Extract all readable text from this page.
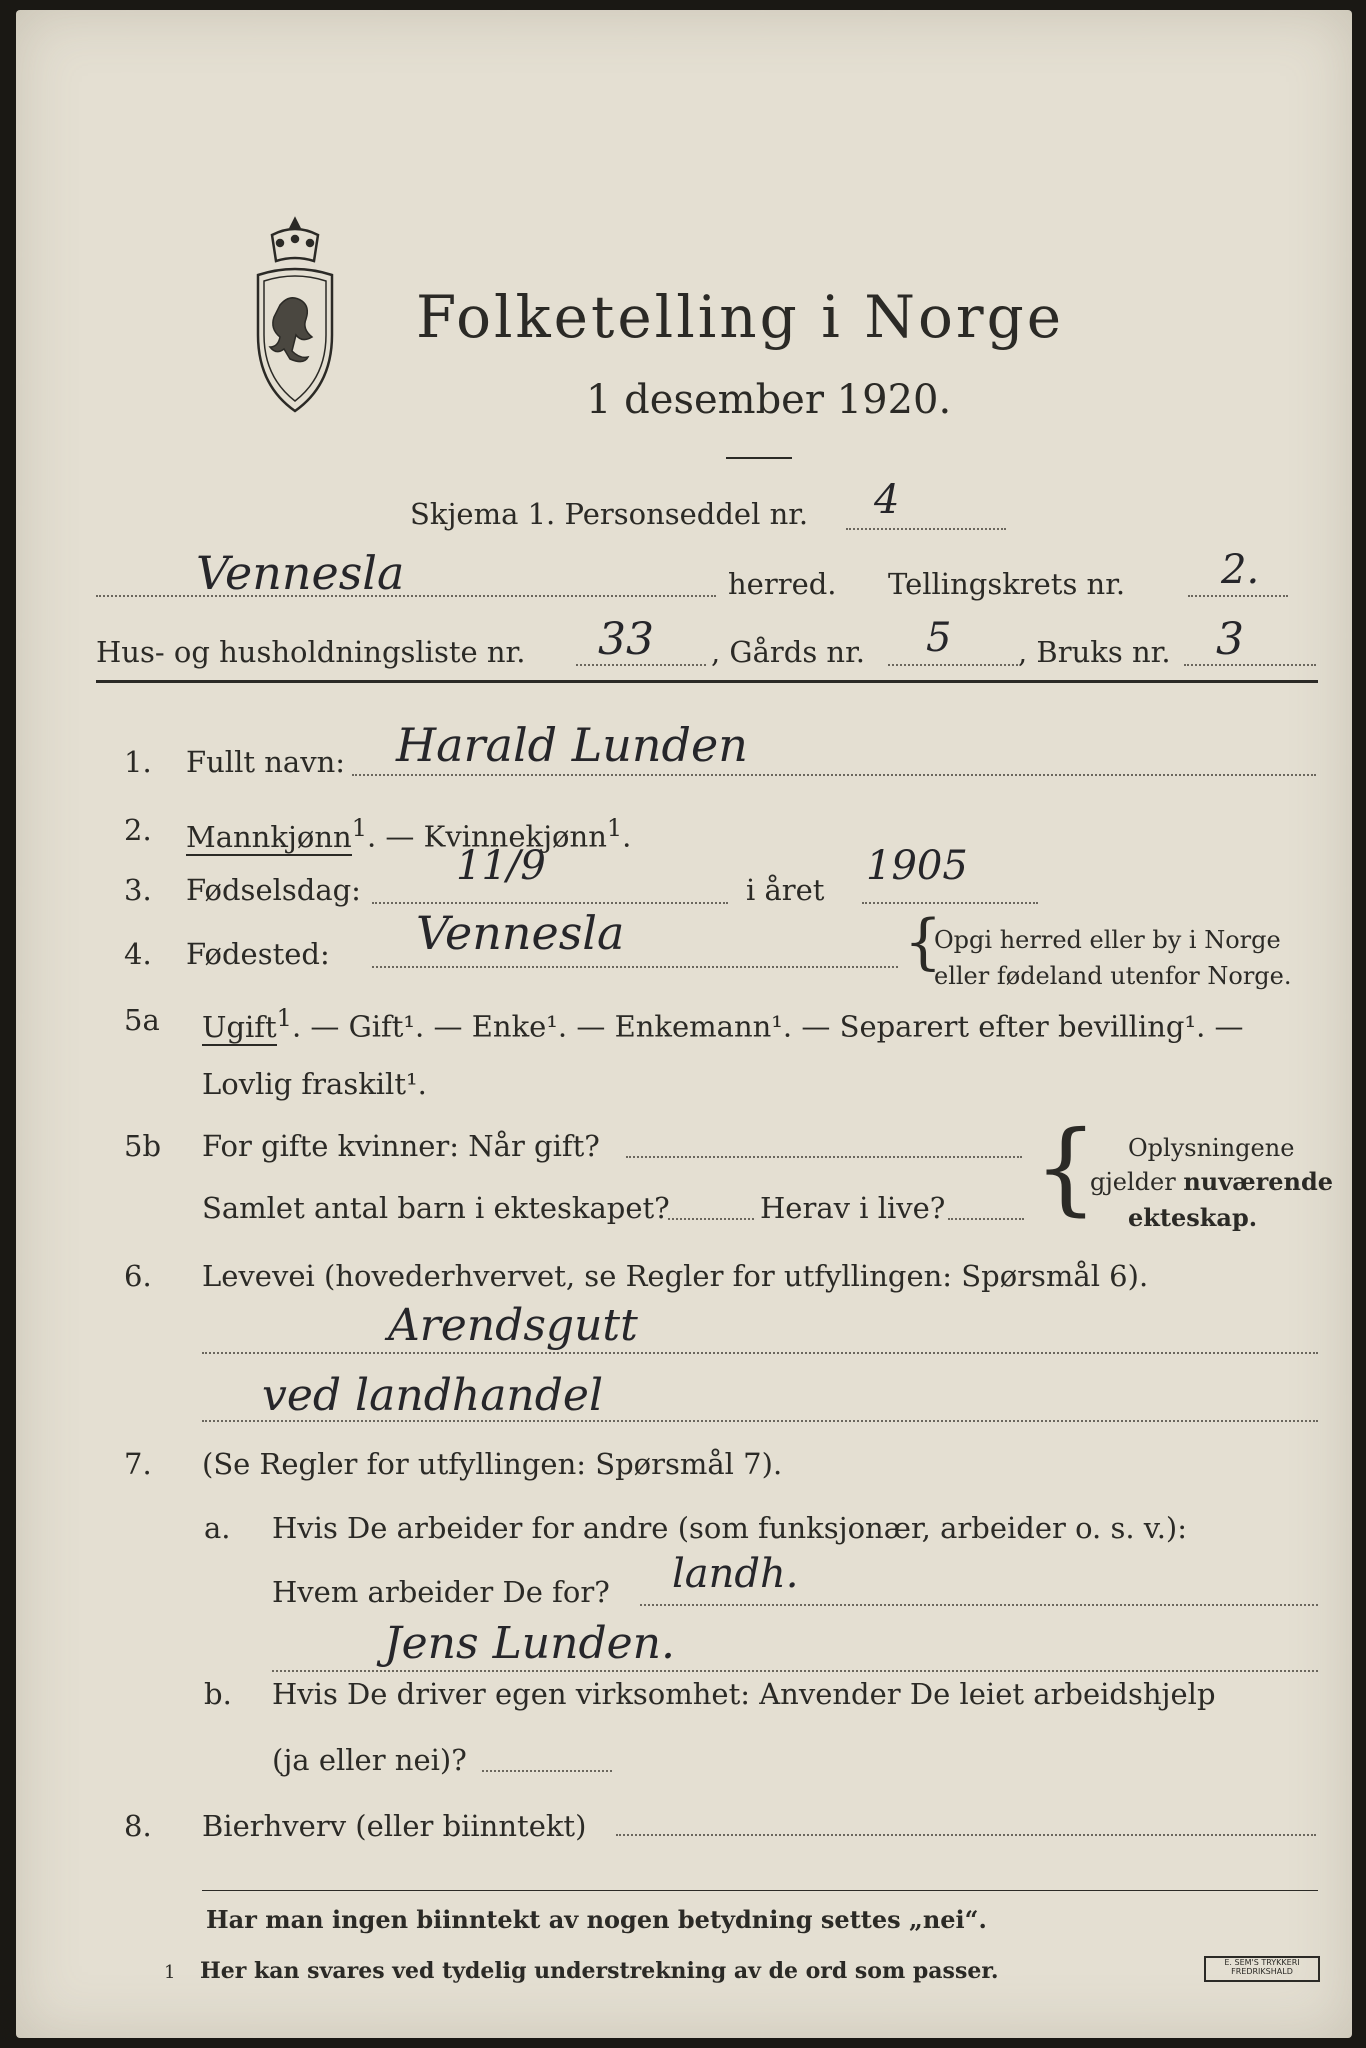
Folketelling i Norge
1 desember 1920.
Skjema 1. Personseddel nr. 4
Vennesla	herred. Tellingskrets nr. 2.
Hus- og husholdningsliste nr. 33 , Gårds nr. 5 , Bruks nr. 3
1. Fullt navn: Harald Lunden
2. Mannkjønn$^1$. — Kvinnekjønn$^1$.
3. Fødselsdag:
11/9
i året
1905
4. Fødested: Vennesla	{
Opgi herred eller by i Norge
eller fødeland utenfor Norge.
5a Ugift$^1$. — Gift¹. — Enke¹. — Enkemann¹. — Separert efter bevilling¹. —
Lovlig fraskilt¹.
5b For gifte kvinner: Når gift?
Samlet antal barn i ekteskapet?	Herav i live? { Oplysningene
gjelder nuværende
ekteskap.
6. Levevei (hovederhvervet, se Regler for utfyllingen: Spørsmål 6).
Arendsgutt
ved landhandel
7. (Se Regler for utfyllingen: Spørsmål 7).
a. Hvis De arbeider for andre (som funksjonær, arbeider o. s. v.):
Hvem arbeider De for? landh.
Jens Lunden.
b. Hvis De driver egen virksomhet: Anvender De leiet arbeidshjelp
(ja eller nei)?
8. Bierhverv (eller biinntekt)
Har man ingen biinntekt av nogen betydning settes „nei“.
1 Her kan svares ved tydelig understrekning av de ord som passer.	E. SEM'S TRYKKERI FREDRIKSHALD
